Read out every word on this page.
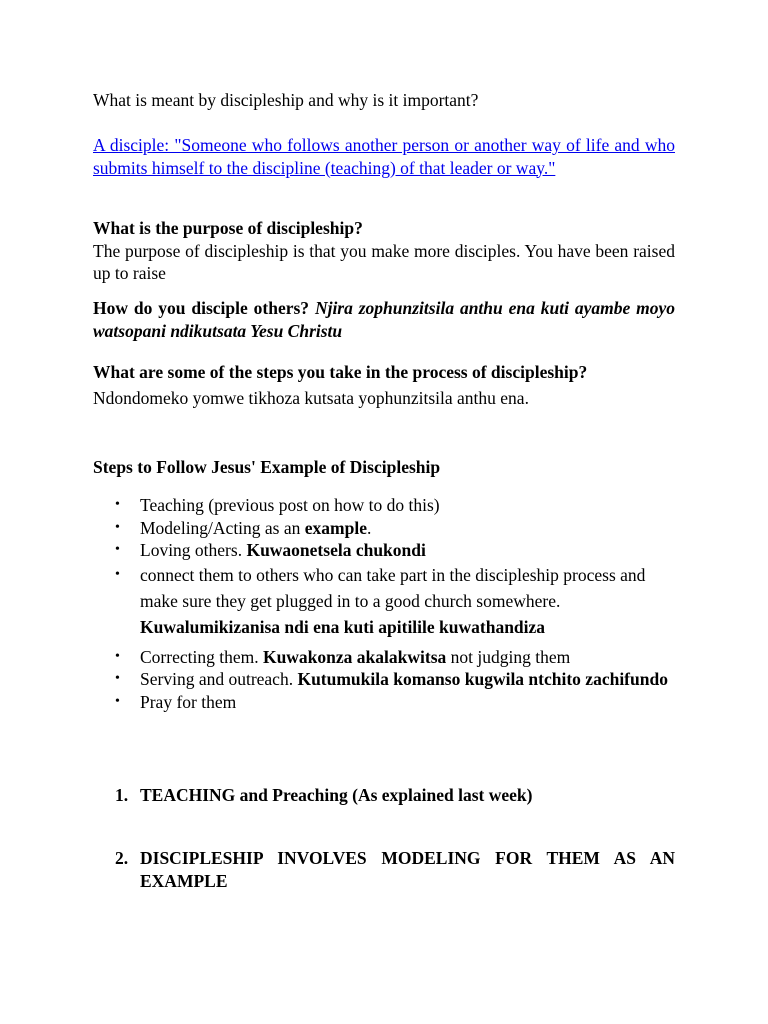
What is meant by discipleship and why is it important?

A disciple: "Someone who follows another person or another way of life and who submits himself to the discipline (teaching) of that leader or way."

What is the purpose of discipleship?
The purpose of discipleship is that you make more disciples. You have been raised up to raise

How do you disciple others? Njira zophunzitsila anthu ena kuti ayambe moyo watsopani ndikutsata Yesu Christu

What are some of the steps you take in the process of discipleship?
Ndondomeko yomwe tikhoza kutsata yophunzitsila anthu ena.

Steps to Follow Jesus' Example of Discipleship

• Teaching (previous post on how to do this)
• Modeling/Acting as an example.
• Loving others. Kuwaonetsela chukondi
• connect them to others who can take part in the discipleship process and make sure they get plugged in to a good church somewhere. Kuwalumikizanisa ndi ena kuti apitilile kuwathandiza
• Correcting them. Kuwakonza akalakwitsa not judging them
• Serving and outreach. Kutumukila komanso kugwila ntchito zachifundo
• Pray for them
1. TEACHING and Preaching (As explained last week)
2. DISCIPLESHIP INVOLVES MODELING FOR THEM AS AN EXAMPLE
